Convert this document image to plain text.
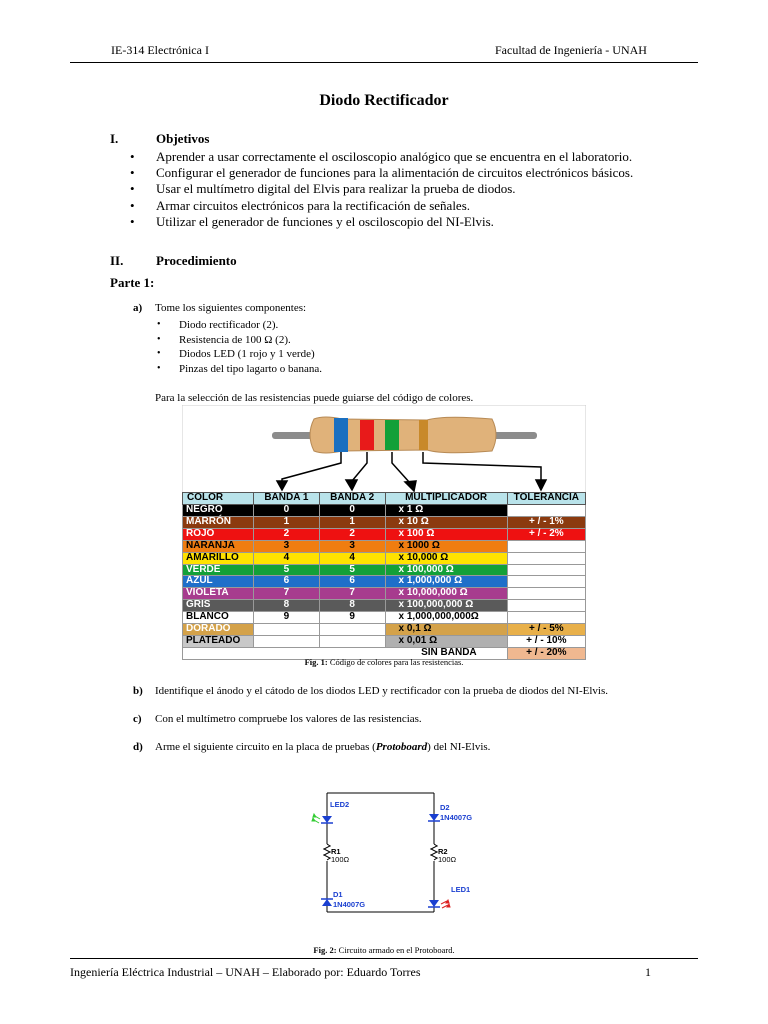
IE-314 Electrónica I	Facultad de Ingeniería - UNAH
Diodo Rectificador
I.	Objetivos
• Aprender a usar correctamente el osciloscopio analógico que se encuentra en el laboratorio.
• Configurar el generador de funciones para la alimentación de circuitos electrónicos básicos.
• Usar el multímetro digital del Elvis para realizar la prueba de diodos.
• Armar circuitos electrónicos para la rectificación de señales.
• Utilizar el generador de funciones y el osciloscopio del NI-Elvis.
II.	Procedimiento
Parte 1:
a) Tome los siguientes componentes:
• Diodo rectificador (2).
• Resistencia de 100 Ω (2).
• Diodos LED (1 rojo y 1 verde)
• Pinzas del tipo lagarto o banana.
Para la selección de las resistencias puede guiarse del código de colores.
COLOR	BANDA 1	BANDA 2	MULTIPLICADOR	TOLERANCIA
NEGRO	0	0	x 1 Ω	
MARRÓN	1	1	x 10 Ω	+ / - 1%
ROJO	2	2	x 100 Ω	+ / - 2%
NARANJA	3	3	x 1000 Ω	
AMARILLO	4	4	x 10,000 Ω	
VERDE	5	5	x 100,000 Ω	
AZUL	6	6	x 1,000,000 Ω	
VIOLETA	7	7	x 10,000,000 Ω	
GRIS	8	8	x 100,000,000 Ω	
BLANCO	9	9	x 1,000,000,000Ω	
DORADO			x 0,1 Ω	+ / - 5%
PLATEADO			x 0,01 Ω	+ / - 10%
SIN BANDA				+ / - 20%
Fig. 1: Código de colores para las resistencias.
b) Identifique el ánodo y el cátodo de los diodos LED y rectificador con la prueba de diodos del NI-Elvis.
c) Con el multímetro compruebe los valores de las resistencias.
d) Arme el siguiente circuito en la placa de pruebas (Protoboard) del NI-Elvis.
LED2	D2
1N4007G
D1
1N4007G
LED1
R1
100Ω
R2
100Ω
Fig. 2: Circuito armado en el Protoboard.
Ingeniería Eléctrica Industrial – UNAH – Elaborado por: Eduardo Torres	1
